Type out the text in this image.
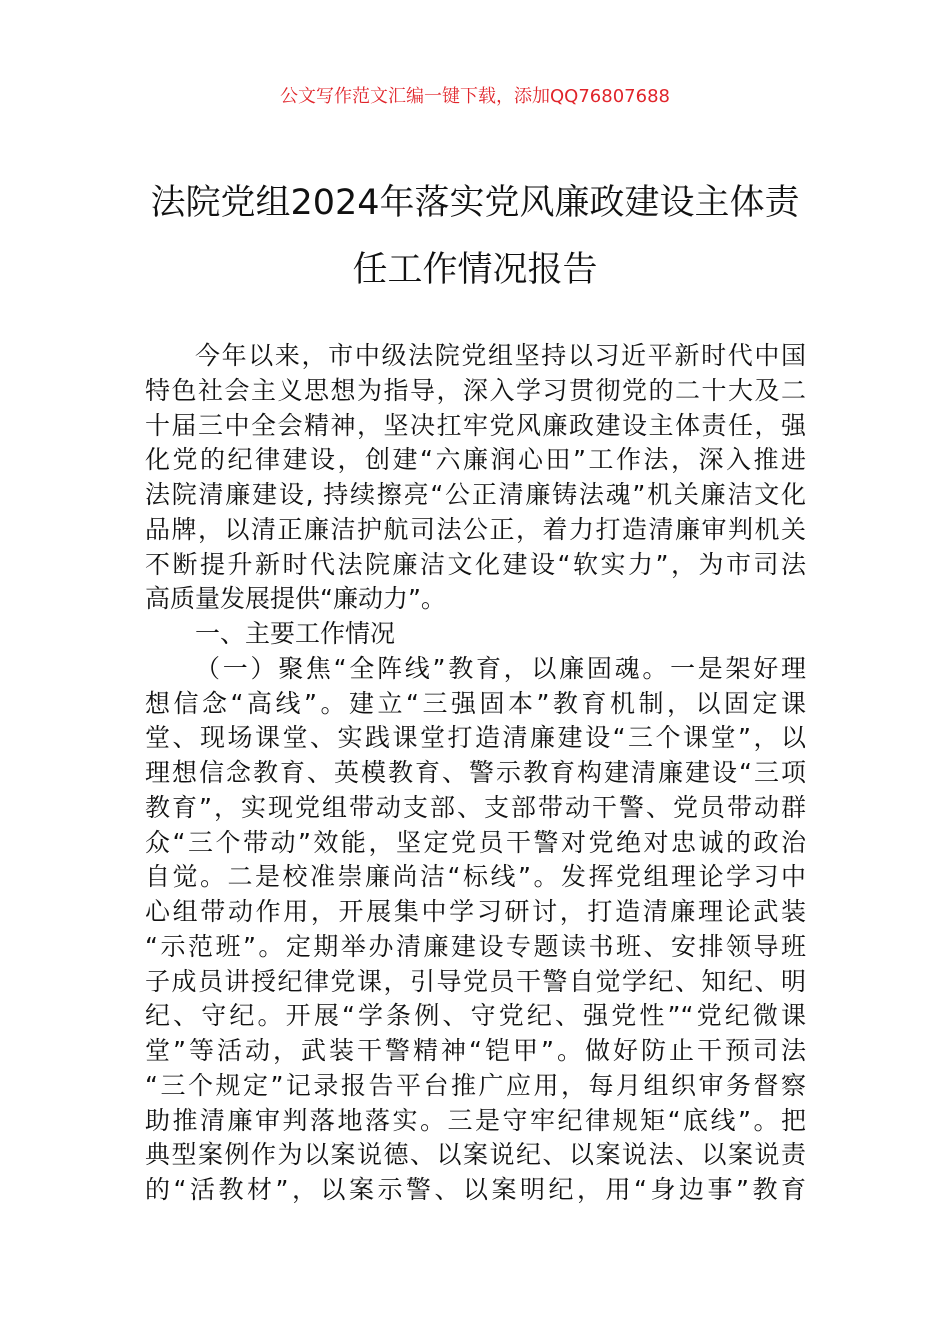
公文写作范文汇编一键下载，添加QQ76807688
法院党组2024年落实党风廉政建设主体责
任工作情况报告
今年以来，市中级法院党组坚持以习近平新时代中国
特色社会主义思想为指导，深入学习贯彻党的二十大及二
十届三中全会精神，坚决扛牢党风廉政建设主体责任，强
化党的纪律建设，创建“六廉润心田”工作法，深入推进
法院清廉建设, 持续擦亮“公正清廉铸法魂”机关廉洁文化
品牌，以清正廉洁护航司法公正，着力打造清廉审判机关
不断提升新时代法院廉洁文化建设“软实力”，为市司法
高质量发展提供“廉动力”。
一、主要工作情况
（一）聚焦“全阵线”教育，以廉固魂。一是架好理
想信念“高线”。建立“三强固本”教育机制，以固定课
堂、现场课堂、实践课堂打造清廉建设“三个课堂”，以
理想信念教育、英模教育、警示教育构建清廉建设“三项
教育”，实现党组带动支部、支部带动干警、党员带动群
众“三个带动”效能，坚定党员干警对党绝对忠诚的政治
自觉。二是校准崇廉尚洁“标线”。发挥党组理论学习中
心组带动作用，开展集中学习研讨，打造清廉理论武装
“示范班”。定期举办清廉建设专题读书班、安排领导班
子成员讲授纪律党课，引导党员干警自觉学纪、知纪、明
纪、守纪。开展“学条例、守党纪、强党性”“党纪微课
堂”等活动，武装干警精神“铠甲”。做好防止干预司法
“三个规定”记录报告平台推广应用，每月组织审务督察
助推清廉审判落地落实。三是守牢纪律规矩“底线”。把
典型案例作为以案说德、以案说纪、以案说法、以案说责
的“活教材”，以案示警、以案明纪，用“身边事”教育
